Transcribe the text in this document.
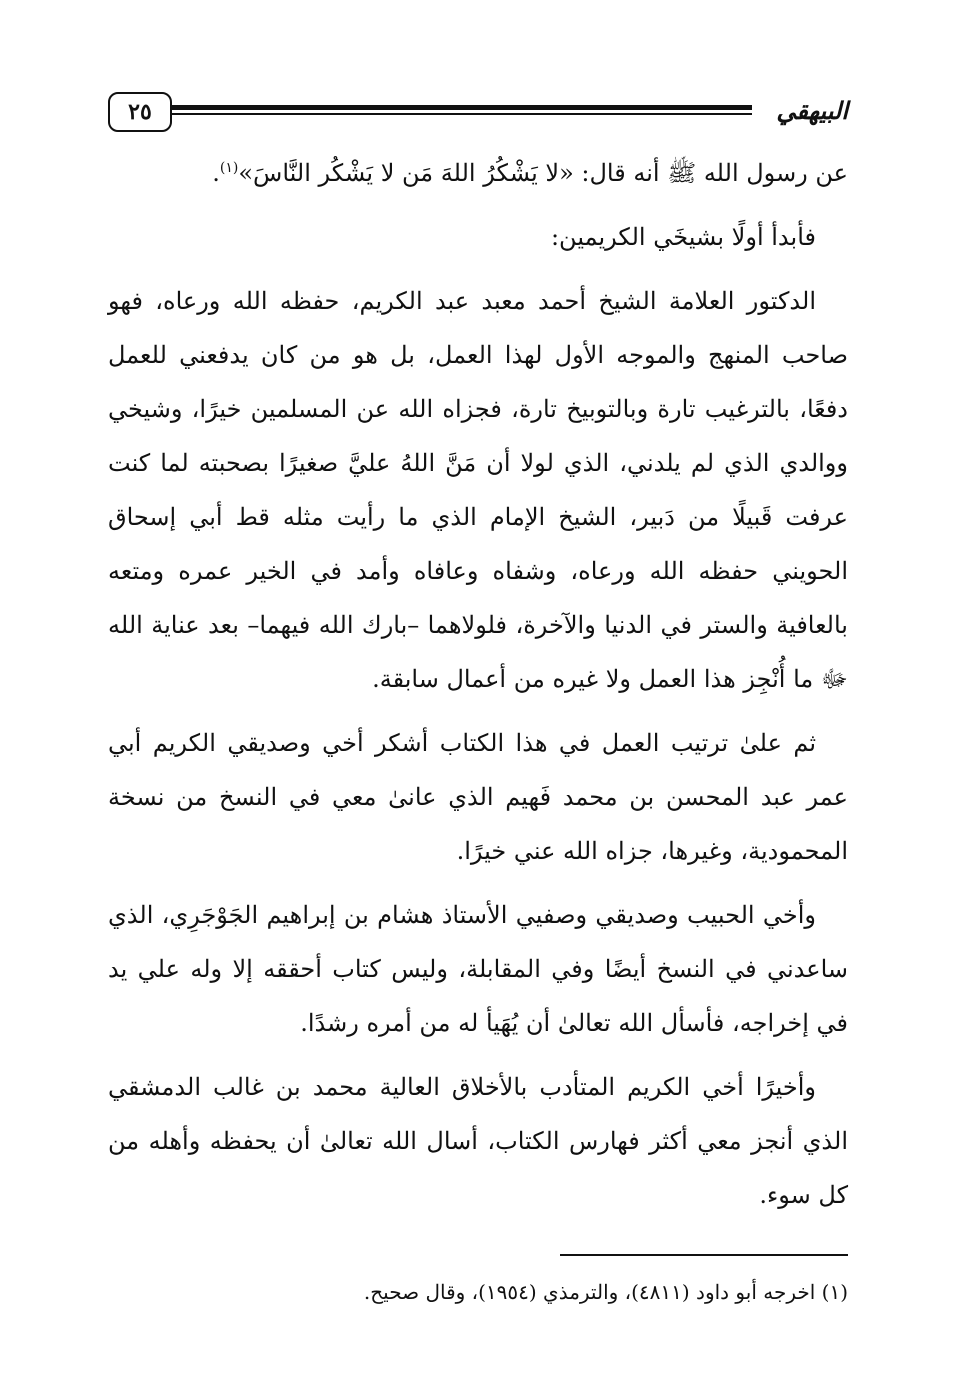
٢٥	البيهقي

عن رسول الله ﷺ أنه قال: «لا يَشْكُرُ اللهَ مَن لا يَشْكُر النَّاسَ»$^{(١)}$.

فأبدأ أولًا بشيخَي الكريمين:

الدكتور العلامة الشيخ أحمد معبد عبد الكريم، حفظه الله ورعاه، فهو صاحب المنهج والموجه الأول لهذا العمل، بل هو من كان يدفعني للعمل دفعًا، بالترغيب تارة وبالتوبيخ تارة، فجزاه الله عن المسلمين خيرًا، وشيخي ووالدي الذي لم يلدني، الذي لولا أن مَنَّ اللهُ عليَّ صغيرًا بصحبته لما كنت عرفت قَبيلًا من دَبير، الشيخ الإمام الذي ما رأيت مثله قط أبي إسحاق الحويني حفظه الله ورعاه، وشفاه وعافاه وأمد في الخير عمره ومتعه بالعافية والستر في الدنيا والآخرة، فلولاهما –بارك الله فيهما– بعد عناية الله ﷻ ما أُنْجِز هذا العمل ولا غيره من أعمال سابقة.

ثم علىٰ ترتيب العمل في هذا الكتاب أشكر أخي وصديقي الكريم أبي عمر عبد المحسن بن محمد فَهيم الذي عانىٰ معي في النسخ من نسخة المحمودية، وغيرها، جزاه الله عني خيرًا.

وأخي الحبيب وصديقي وصفيي الأستاذ هشام بن إبراهيم الجَوْجَرِي، الذي ساعدني في النسخ أيضًا وفي المقابلة، وليس كتاب أحققه إلا وله علي يد في إخراجه، فأسأل الله تعالىٰ أن يُهَيأ له من أمره رشدًا.

وأخيرًا أخي الكريم المتأدب بالأخلاق العالية محمد بن غالب الدمشقي الذي أنجز معي أكثر فهارس الكتاب، أسال الله تعالىٰ أن يحفظه وأهله من كل سوء.

(١) اخرجه أبو داود (٤٨١١)، والترمذي (١٩٥٤)، وقال صحيح.
